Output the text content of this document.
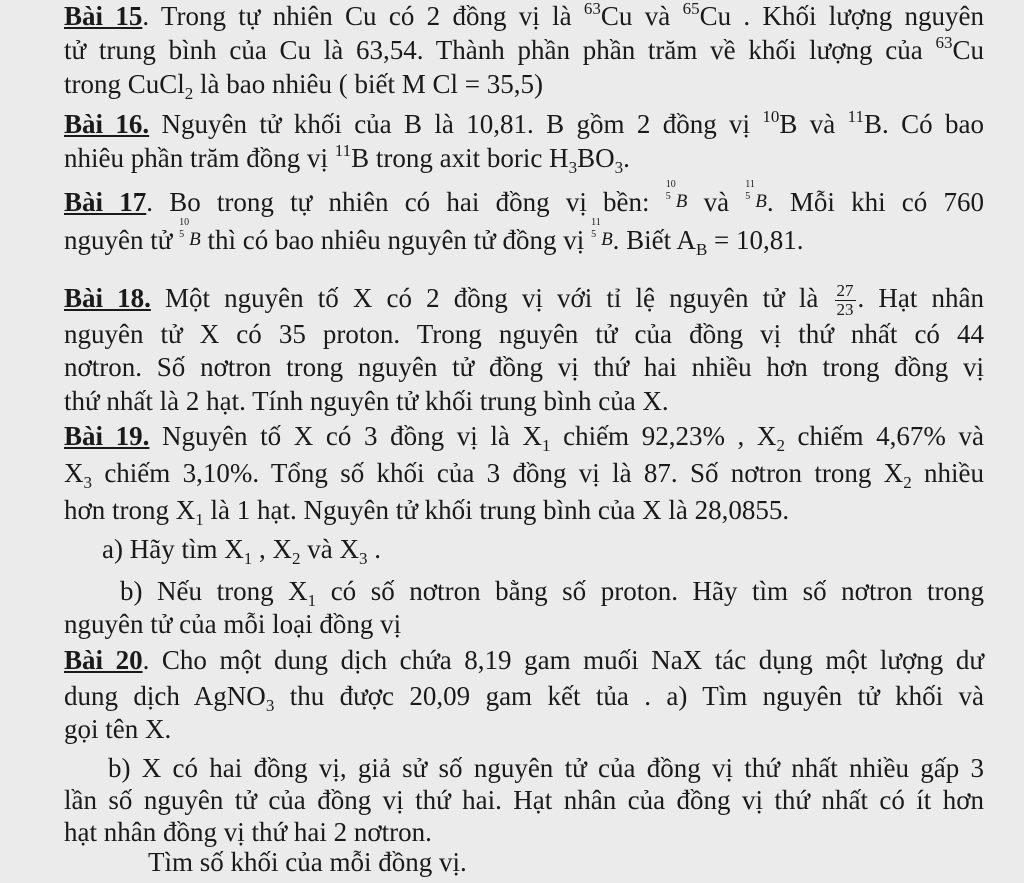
Bài 15. Trong tự nhiên Cu có 2 đồng vị là $^{63}$Cu và $^{65}$Cu . Khối lượng nguyên
tử trung bình của Cu là 63,54. Thành phần phần trăm về khối lượng của $^{63}$Cu
trong CuCl$_2$ là bao nhiêu ( biết M Cl = 35,5)
Bài 16. Nguyên tử khối của B là 10,81. B gồm 2 đồng vị $^{10}$B và $^{11}$B. Có bao
nhiêu phần trăm đồng vị $^{11}$B trong axit boric $H_3BO_3$.
Bài 17. Bo trong tự nhiên có hai đồng vị bền:
10
5 B và
11
5 B. Mỗi khi có 760
nguyên tử
10
5 B thì có bao nhiêu nguyên tử đồng vị
11
5 B. Biết $A_B = 10,81$.
Bài 18. Một nguyên tố X có 2 đồng vị với tỉ lệ nguyên tử là $\frac{27}{23}$ . Hạt nhân
nguyên tử X có 35 proton. Trong nguyên tử của đồng vị thứ nhất có 44
nơtron. Số nơtron trong nguyên tử đồng vị thứ hai nhiều hơn trong đồng vị
thứ nhất là 2 hạt. Tính nguyên tử khối trung bình của X.
Bài 19. Nguyên tố X có 3 đồng vị là $X_1$ chiếm 92,23% , $X_2$ chiếm 4,67% và
$X_3$ chiếm 3,10%. Tổng số khối của 3 đồng vị là 87. Số nơtron trong $X_2$ nhiều
hơn trong $X_1$ là 1 hạt. Nguyên tử khối trung bình của X là 28,0855.
a) Hãy tìm $X_1$ , $X_2$ và $X_3$ .
b) Nếu trong $X_1$ có số nơtron bằng số proton. Hãy tìm số nơtron trong
nguyên tử của mỗi loại đồng vị
Bài 20. Cho một dung dịch chứa 8,19 gam muối NaX tác dụng một lượng dư
dung dịch AgNO$_3$ thu được 20,09 gam kết tủa . a) Tìm nguyên tử khối và
gọi tên X.
b) X có hai đồng vị, giả sử số nguyên tử của đồng vị thứ nhất nhiều gấp 3
lần số nguyên tử của đồng vị thứ hai. Hạt nhân của đồng vị thứ nhất có ít hơn
hạt nhân đồng vị thứ hai 2 nơtron.
Tìm số khối của mỗi đồng vị.
